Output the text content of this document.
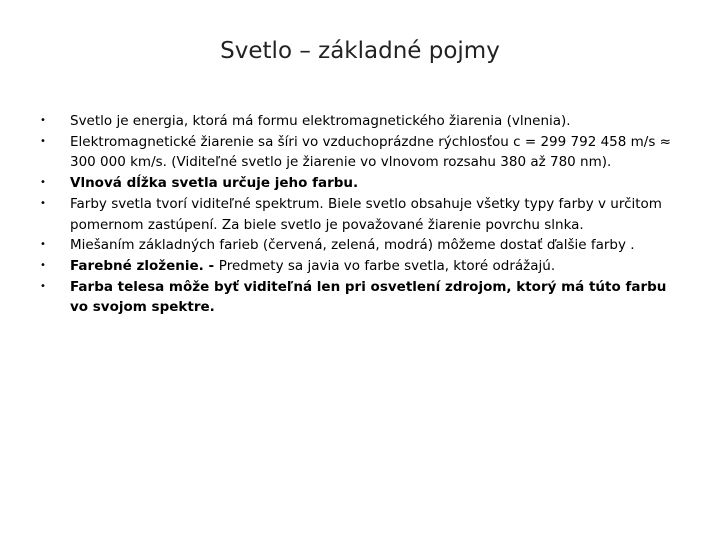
Svetlo – základné pojmy
•	Svetlo je energia, ktorá má formu elektromagnetického žiarenia (vlnenia).
•	Elektromagnetické žiarenie sa šíri vo vzduchoprázdne rýchlosťou c = 299 792 458 m/s ≈ 300 000 km/s. (Viditeľné svetlo je žiarenie vo vlnovom rozsahu 380 až 780 nm).
•	Vlnová dĺžka svetla určuje jeho farbu.
•	Farby svetla tvorí viditeľné spektrum. Biele svetlo obsahuje všetky typy farby v určitom pomernom zastúpení. Za biele svetlo je považované žiarenie povrchu slnka.
•	Miešaním základných farieb (červená, zelená, modrá) môžeme dostať ďalšie farby .
•	Farebné zloženie. - Predmety sa javia vo farbe svetla, ktoré odrážajú.
•	Farba telesa môže byť viditeľná len pri osvetlení zdrojom, ktorý má túto farbu vo svojom spektre.
